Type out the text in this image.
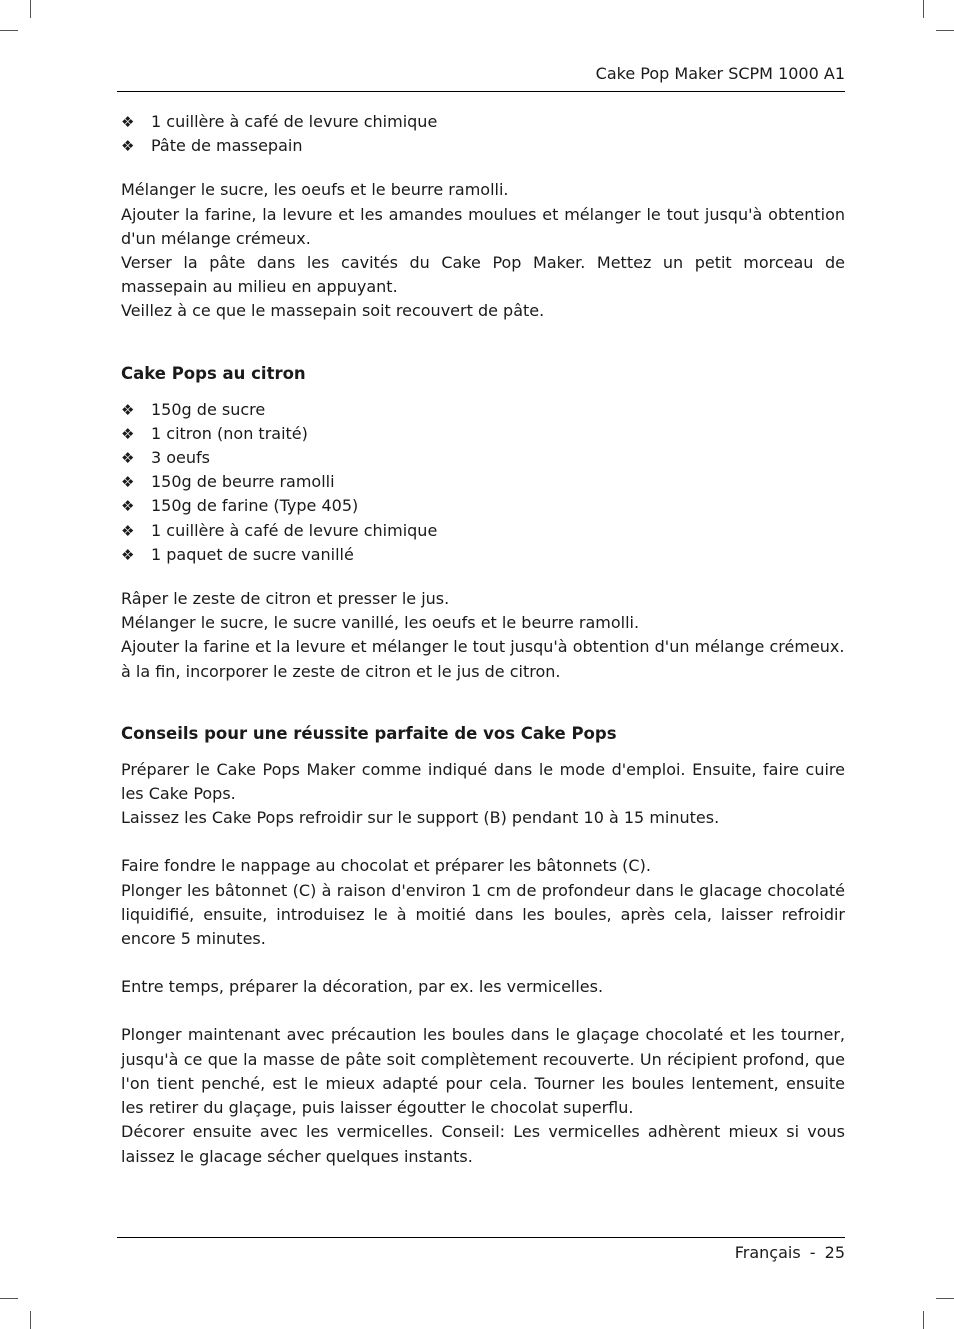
Cake Pop Maker SCPM 1000 A1
❖ 1 cuillère à café de levure chimique
❖ Pâte de massepain

Mélanger le sucre, les oeufs et le beurre ramolli.

Ajouter la farine, la levure et les amandes moulues et mélanger le tout jusqu'à obtention d'un mélange crémeux.

Verser la pâte dans les cavités du Cake Pop Maker. Mettez un petit morceau de massepain au milieu en appuyant.

Veillez à ce que le massepain soit recouvert de pâte.

Cake Pops au citron
❖ 150g de sucre
❖ 1 citron (non traité)
❖ 3 oeufs
❖ 150g de beurre ramolli
❖ 150g de farine (Type 405)
❖ 1 cuillère à café de levure chimique
❖ 1 paquet de sucre vanillé

Râper le zeste de citron et presser le jus.

Mélanger le sucre, le sucre vanillé, les oeufs et le beurre ramolli.

Ajouter la farine et la levure et mélanger le tout jusqu'à obtention d'un mélange crémeux.

à la fin, incorporer le zeste de citron et le jus de citron.

Conseils pour une réussite parfaite de vos Cake Pops

Préparer le Cake Pops Maker comme indiqué dans le mode d'emploi. Ensuite, faire cuire les Cake Pops.

Laissez les Cake Pops refroidir sur le support (B) pendant 10 à 15 minutes.

Faire fondre le nappage au chocolat et préparer les bâtonnets (C).

Plonger les bâtonnet (C) à raison d'environ 1 cm de profondeur dans le glacage chocolaté liquidifié, ensuite, introduisez le à moitié dans les boules, après cela, laisser refroidir encore 5 minutes.

Entre temps, préparer la décoration, par ex. les vermicelles.

Plonger maintenant avec précaution les boules dans le glaçage chocolaté et les tourner, jusqu'à ce que la masse de pâte soit complètement recouverte. Un récipient profond, que l'on tient penché, est le mieux adapté pour cela. Tourner les boules lentement, ensuite les retirer du glaçage, puis laisser égoutter le chocolat superflu.

Décorer ensuite avec les vermicelles. Conseil: Les vermicelles adhèrent mieux si vous laissez le glacage sécher quelques instants.

Français - 25
